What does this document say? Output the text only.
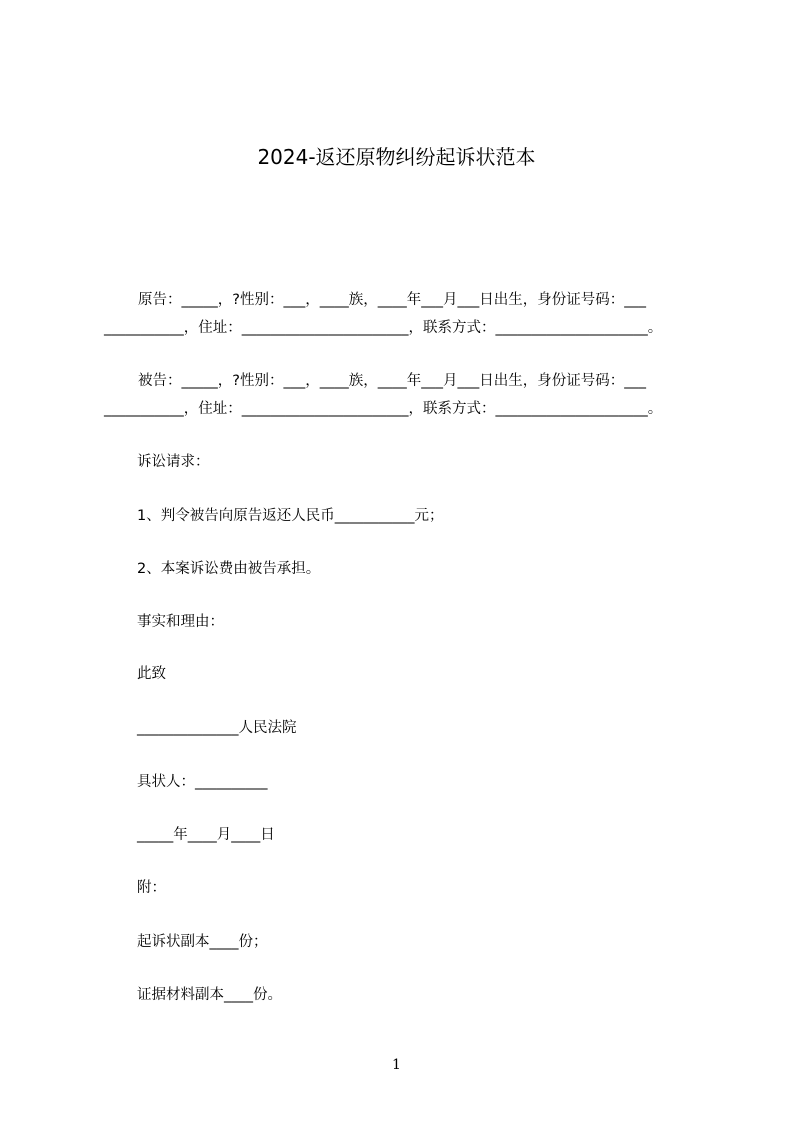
2024-返还原物纠纷起诉状范本
原告：_____，?性别：___，____族，____年___月___日出生，身份证号码：___
___________，住址：_______________________，联系方式：_____________________。
被告：_____，?性别：___，____族，____年___月___日出生，身份证号码：___
___________，住址：_______________________，联系方式：_____________________。
诉讼请求：
1、判令被告向原告返还人民币___________元；
2、本案诉讼费由被告承担。
事实和理由：
此致
______________人民法院
具状人：__________
_____年____月____日
附：
起诉状副本____份；
证据材料副本____份。
1
